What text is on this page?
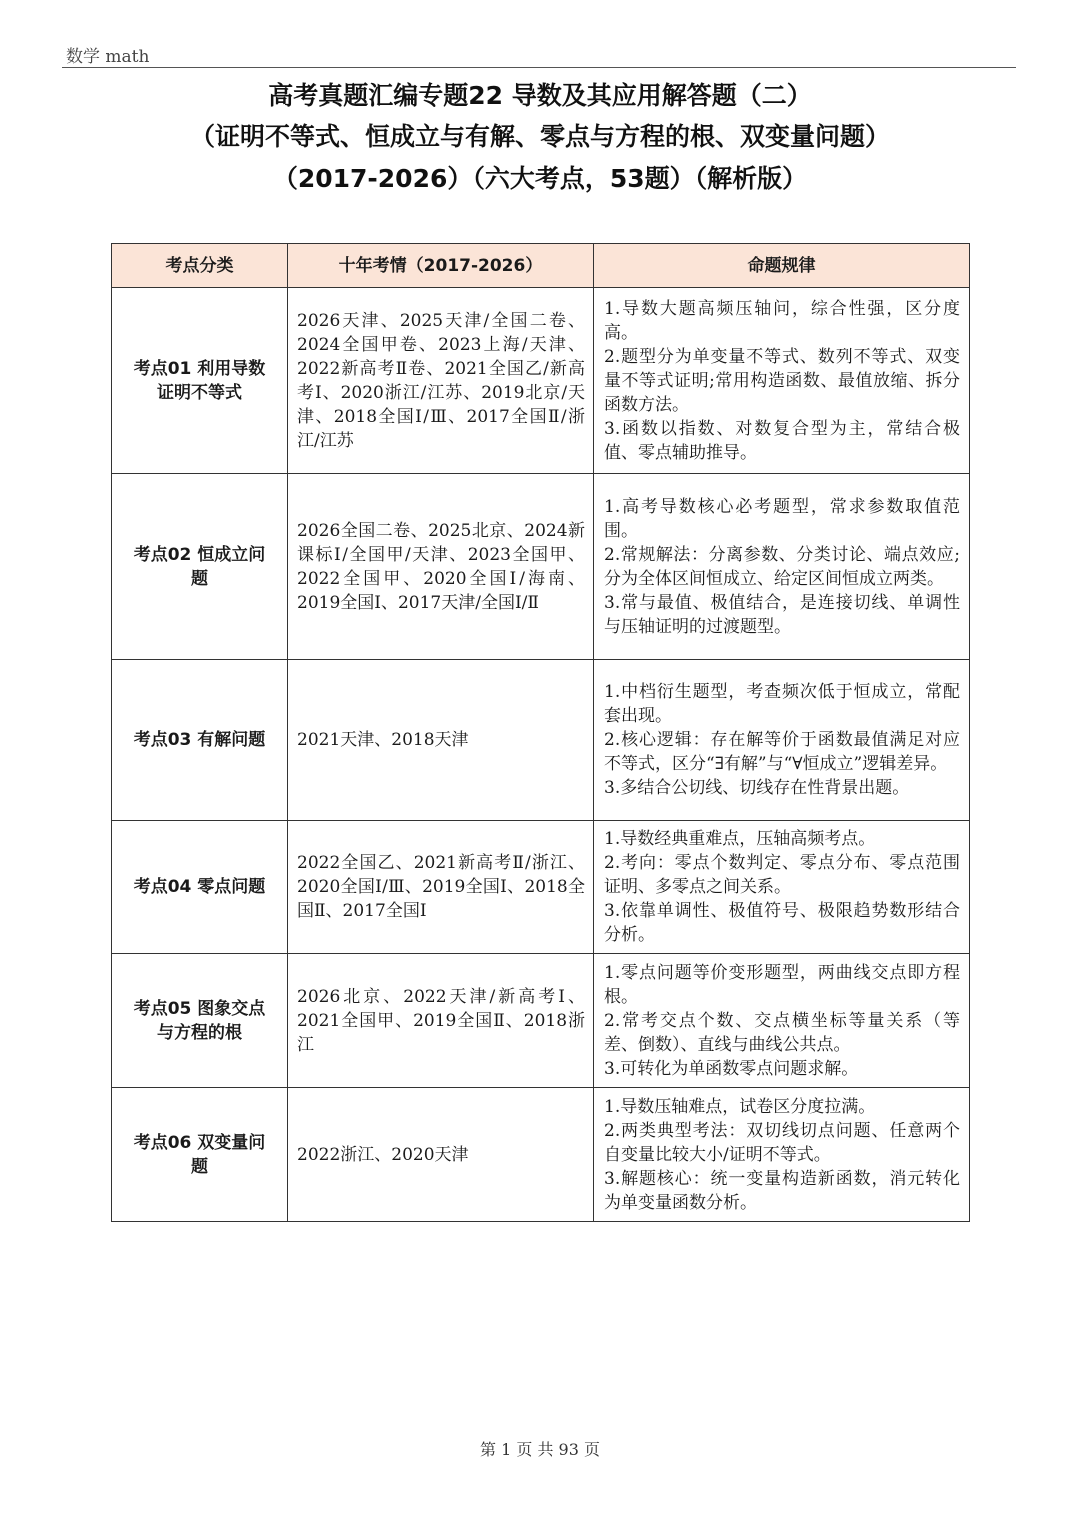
数学 math
高考真题汇编专题22 导数及其应用解答题（二）
（证明不等式、恒成立与有解、零点与方程的根、双变量问题）
（2017-2026）（六大考点，53题）（解析版）
考点分类	十年考情（2017-2026）	命题规律
考点01 利用导数证明不等式	2026天津、2025天津/全国二卷、2024全国甲卷、2023上海/天津、2022新高考Ⅱ卷、2021全国乙/新高考Ⅰ、2020浙江/江苏、2019北京/天津、2018全国Ⅰ/Ⅲ、2017全国Ⅱ/浙江/江苏	1.导数大题高频压轴问，综合性强，区分度高。
2.题型分为单变量不等式、数列不等式、双变量不等式证明;常用构造函数、最值放缩、拆分函数方法。
3.函数以指数、对数复合型为主，常结合极值、零点辅助推导。

考点02 恒成立问题	2026全国二卷、2025北京、2024新课标Ⅰ/全国甲/天津、2023全国甲、2022全国甲、2020全国Ⅰ/海南、2019全国Ⅰ、2017天津/全国Ⅰ/Ⅱ	1.高考导数核心必考题型，常求参数取值范围。
2.常规解法：分离参数、分类讨论、端点效应;分为全体区间恒成立、给定区间恒成立两类。
3.常与最值、极值结合，是连接切线、单调性与压轴证明的过渡题型。

考点03 有解问题	2021天津、2018天津	1.中档衍生题型，考查频次低于恒成立，常配套出现。
2.核心逻辑：存在解等价于函数最值满足对应不等式，区分“∃有解”与“∀恒成立”逻辑差异。
3.多结合公切线、切线存在性背景出题。

考点04 零点问题	2022全国乙、2021新高考Ⅱ/浙江、2020全国Ⅰ/Ⅲ、2019全国Ⅰ、2018全国Ⅱ、2017全国Ⅰ	1.导数经典重难点，压轴高频考点。
2.考向：零点个数判定、零点分布、零点范围证明、多零点之间关系。
3.依靠单调性、极值符号、极限趋势数形结合分析。

考点05 图象交点与方程的根	2026北京、2022天津/新高考Ⅰ、2021全国甲、2019全国Ⅱ、2018浙江	1.零点问题等价变形题型，两曲线交点即方程根。
2.常考交点个数、交点横坐标等量关系（等差、倒数）、直线与曲线公共点。
3.可转化为单函数零点问题求解。

考点06 双变量问题	2022浙江、2020天津	1.导数压轴难点，试卷区分度拉满。
2.两类典型考法：双切线切点问题、任意两个自变量比较大小/证明不等式。
3.解题核心：统一变量构造新函数，消元转化为单变量函数分析。
第 1 页 共 93 页
